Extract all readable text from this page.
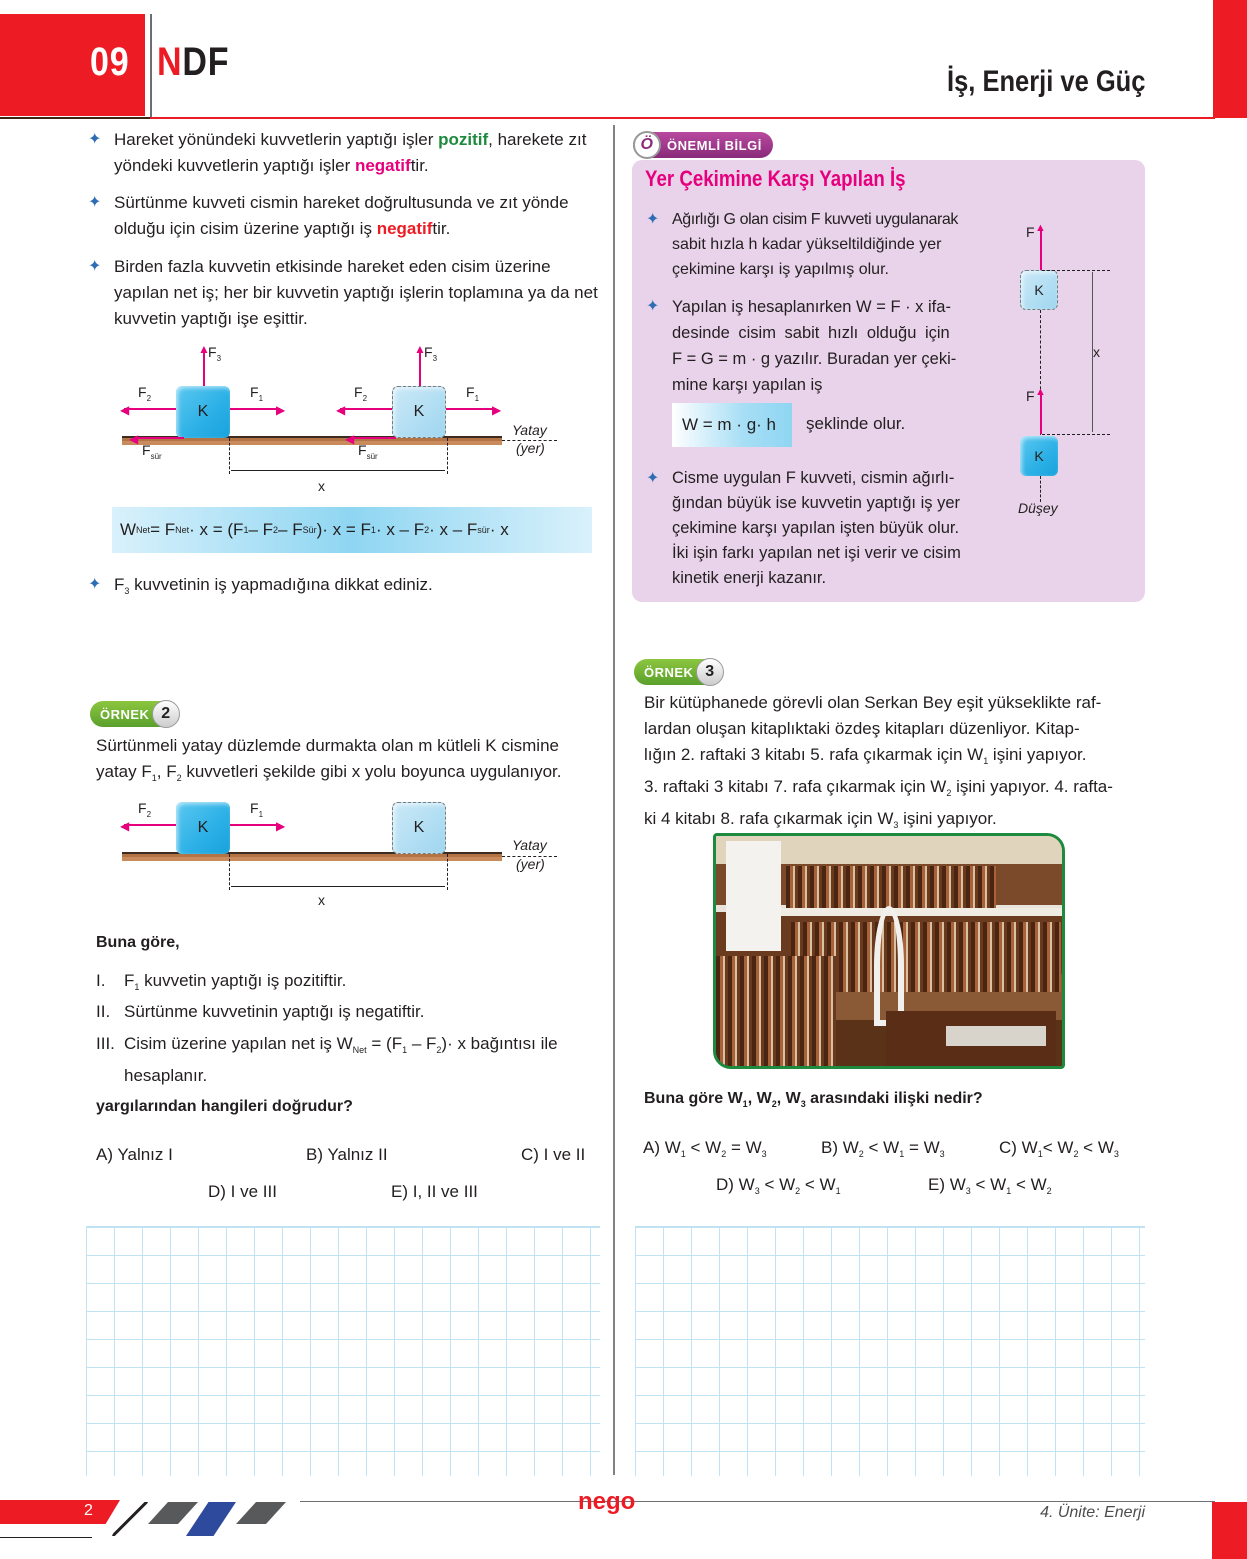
09 NDF	İş, Enerji ve Güç
✦ Hareket yönündeki kuvvetlerin yaptığı işler pozitif, harekete zıt yöndeki kuvvetlerin yaptığı işler negatiftir.
✦ Sürtünme kuvveti cismin hareket doğrultusunda ve zıt yönde olduğu için cisim üzerine yaptığı iş negatiftir.
✦ Birden fazla kuvvetin etkisinde hareket eden cisim üzerine yapılan net iş; her bir kuvvetin yaptığı işlerin toplamına ya da net kuvvetin yaptığı işe eşittir.
Yatay
(yer)
K
◀	▶
▲
$F_3$
$F_2$	$F_1$
◀
$F_{sür}$
K
◀	▶
▲
$F_3$
$F_2$	$F_1$
◀
$F_{sür}$
x
W Net = F Net · x = (F 1 – F 2 – F Sür )· x = F 1 · x – F 2 · x – F sür · x
✦ $F_3$ kuvvetinin iş yapmadığına dikkat ediniz.
ÖRNEK 2
Sürtünmeli yatay düzlemde durmakta olan m kütleli K cismine
yatay $F_1$, $F_2$ kuvvetleri şekilde gibi x yolu boyunca uygulanıyor.
Yatay
(yer)
K
◀	▶
$F_2$	$F_1$
K
x
Buna göre,
I. $F_1$ kuvvetin yaptığı iş pozitiftir.
II. Sürtünme kuvvetinin yaptığı iş negatiftir.
III. Cisim üzerine yapılan net iş $W_{Net} = (F_1 - F_2)\cdot x$ bağıntısı ile
hesaplanır.
yargılarından hangileri doğrudur?
A) Yalnız I	B) Yalnız II	C) I ve II
D) I ve III	E) I, II ve III
Ö	ÖNEMLİ BİLGİ
Yer Çekimine Karşı Yapılan İş
✦ Ağırlığı G olan cisim F kuvveti uygulanarak
sabit hızla h kadar yükseltildiğinde yer
çekimine karşı iş yapılmış olur.
✦ Yapılan iş hesaplanırken W = F · x ifa-
desinde cisim sabit hızlı olduğu için
F = G = m · g yazılır. Buradan yer çeki-
mine karşı yapılan iş
W = m · g· h	şeklinde olur.
✦ Cisme uygulan F kuvveti, cismin ağırlı-
ğından büyük ise kuvvetin yaptığı iş yer
çekimine karşı yapılan işten büyük olur.
İki işin farkı yapılan net işi verir ve cisim
kinetik enerji kazanır.
F ▲
K
x
F ▲
K
Düşey
ÖRNEK 3
Bir kütüphanede görevli olan Serkan Bey eşit yükseklikte raf-
lardan oluşan kitaplıktaki özdeş kitapları düzenliyor. Kitap-
lığın 2. raftaki 3 kitabı 5. rafa çıkarmak için $W_1$ işini yapıyor.
3. raftaki 3 kitabı 7. rafa çıkarmak için $W_2$ işini yapıyor. 4. rafta-
ki 4 kitabı 8. rafa çıkarmak için $W_3$ işini yapıyor.
Buna göre $W_1$, $W_2$, $W_3$ arasındaki ilişki nedir?
A) $W_1 < W_2 = W_3$	B) $W_2 < W_1 = W_3$	C) $W_1< W_2 < W_3$
D) $W_3 < W_2 < W_1$	E) $W_3 < W_1 < W_2$
2	nego	4. Ünite: Enerji
